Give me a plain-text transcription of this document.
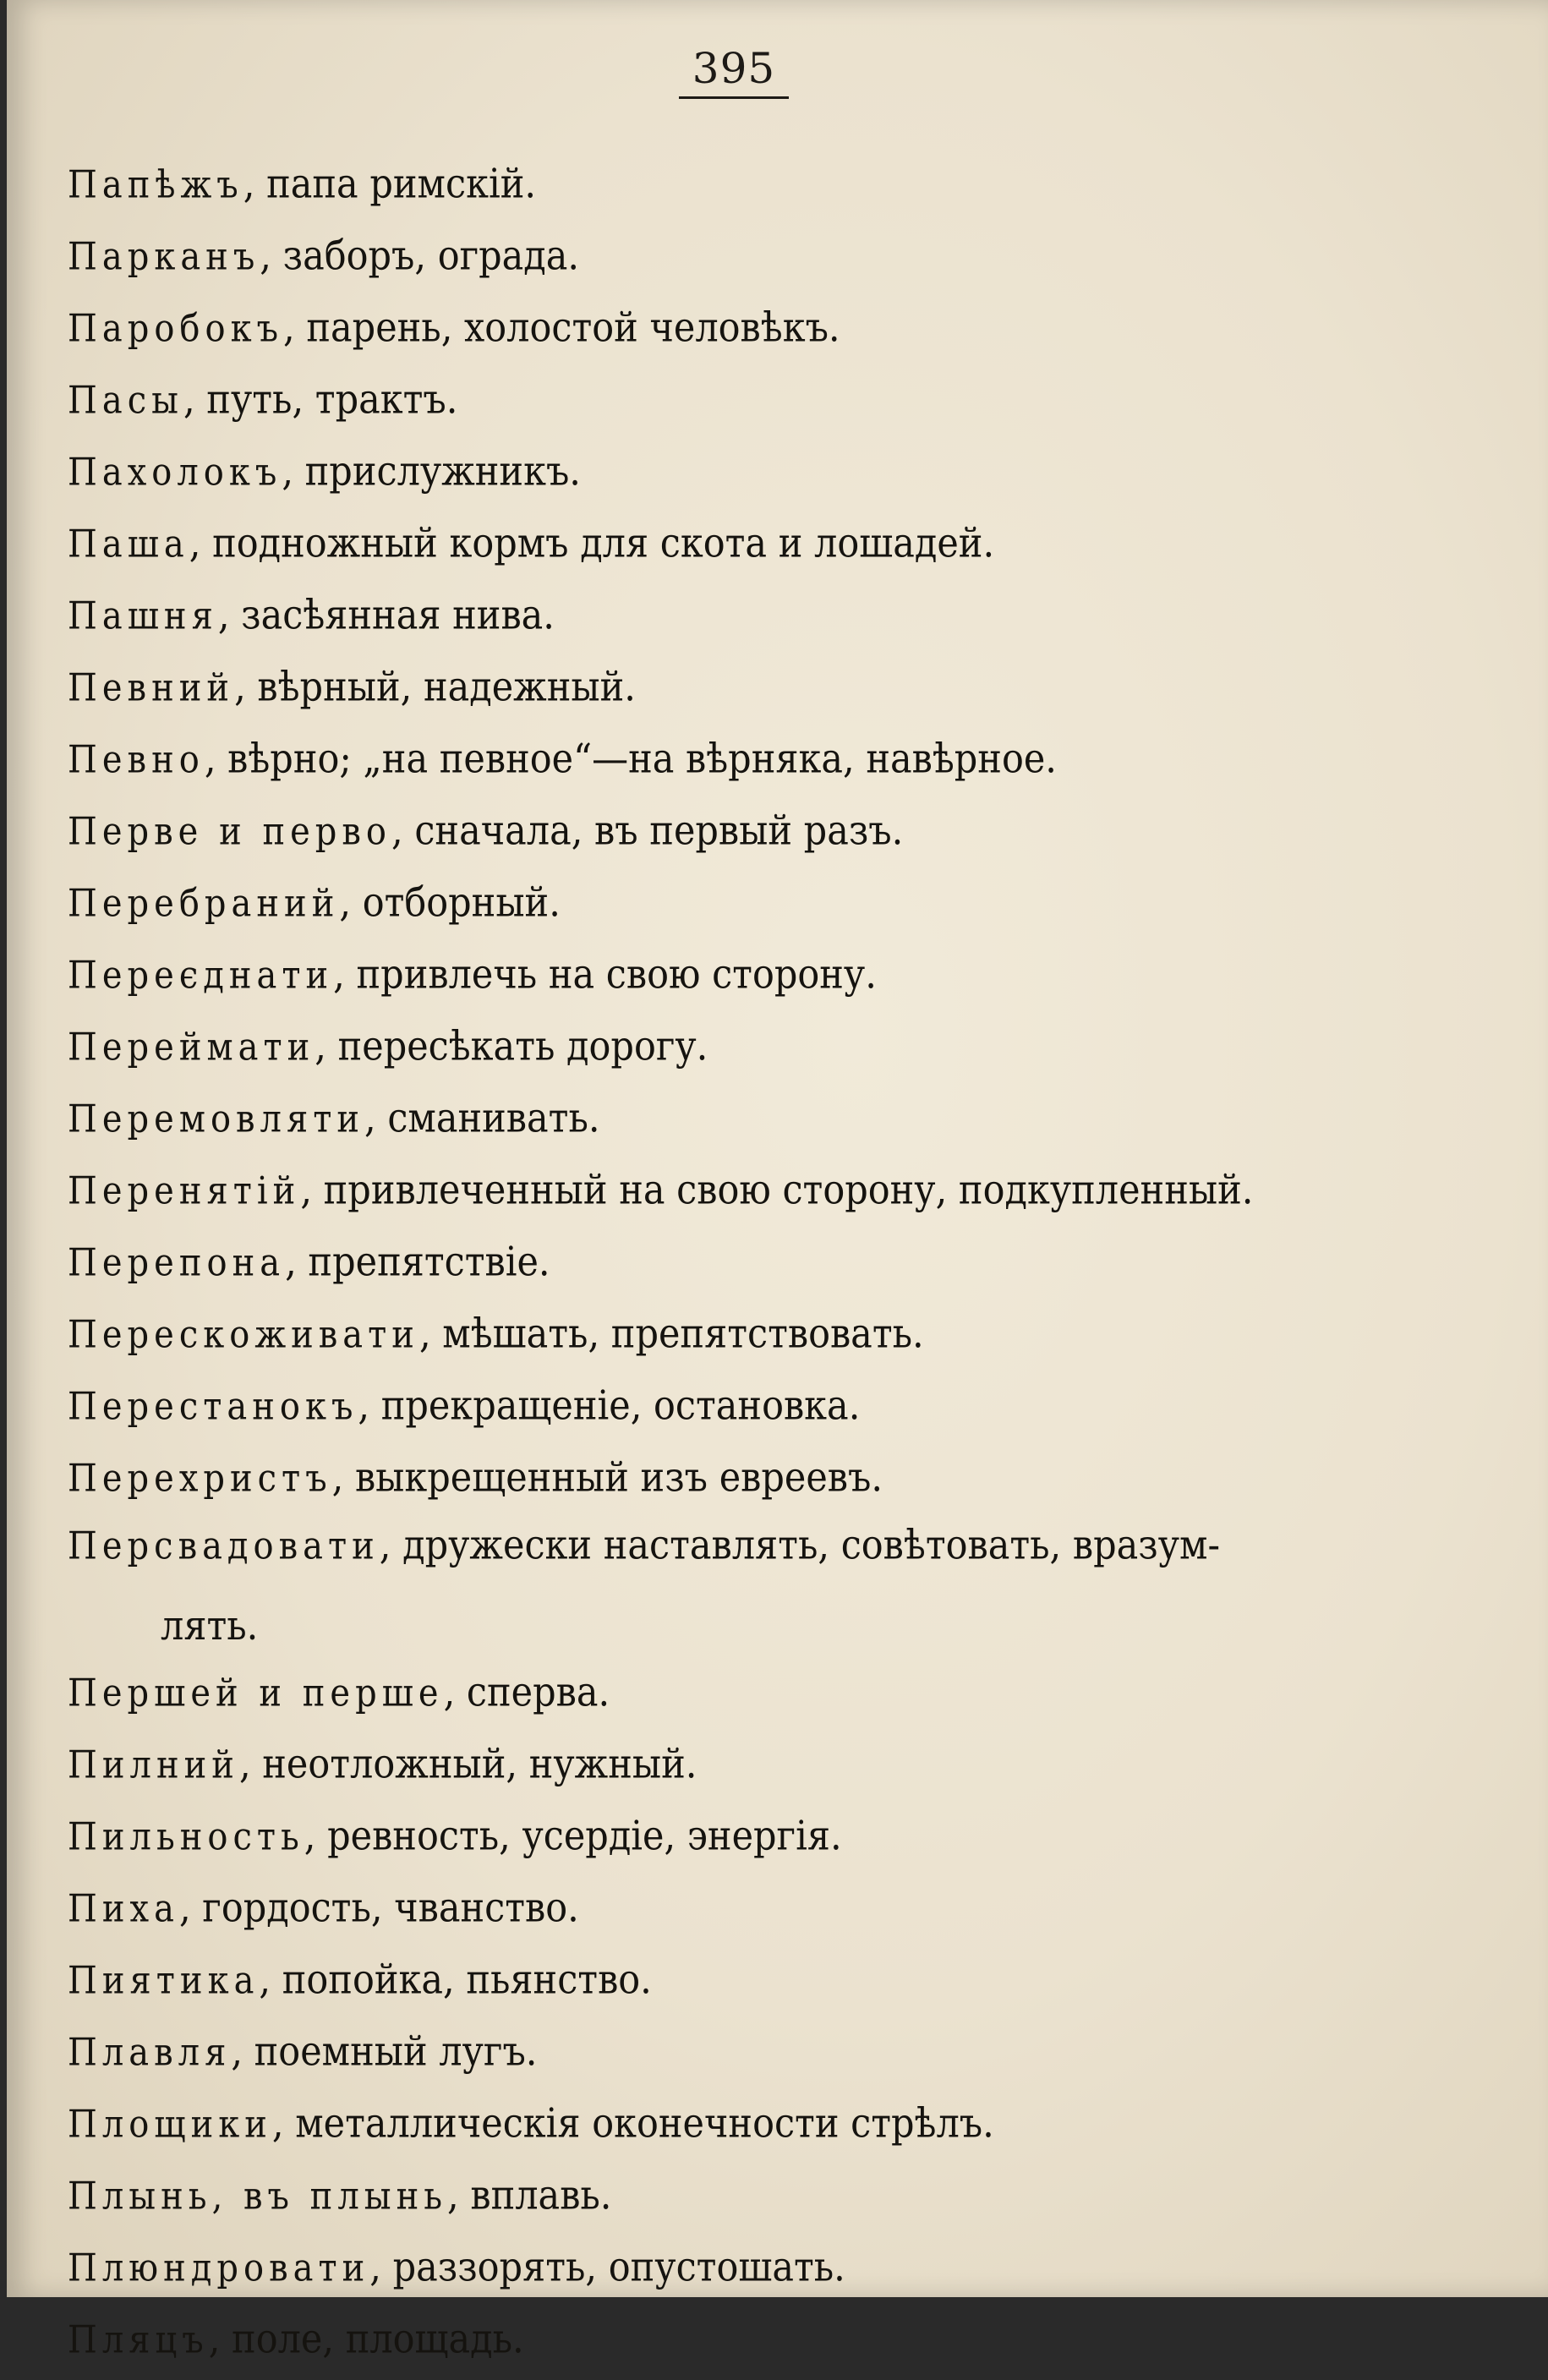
395
Папѣжъ, папа римскій.
Парканъ, заборъ, ограда.
Паробокъ, парень, холостой человѣкъ.
Пасы, путь, трактъ.
Пахолокъ, прислужникъ.
Паша, подножный кормъ для скота и лошадей.
Пашня, засѣянная нива.
Певний, вѣрный, надежный.
Певно, вѣрно; „на певное“—на вѣрняка, навѣрное.
Перве и перво, сначала, въ первый разъ.
Перебраний, отборный.
Переєднати, привлечь на свою сторону.
Переймати, пересѣкать дорогу.
Перемовляти, сманивать.
Перенятій, привлеченный на свою сторону, подкупленный.
Перепона, препятствіе.
Перескоживати, мѣшать, препятствовать.
Перестанокъ, прекращеніе, остановка.
Перехристъ, выкрещенный изъ евреевъ.
Персвадовати, дружески наставлять, совѣтовать, вразум-
лять.
Першей и перше, сперва.
Пилний, неотложный, нужный.
Пильность, ревность, усердіе, энергія.
Пиха, гордость, чванство.
Пиятика, попойка, пьянство.
Плавля, поемный лугъ.
Площики, металлическія оконечности стрѣлъ.
Плынь, въ плынь, вплавь.
Плюндровати, раззорять, опустошать.
Пляцъ, поле, площадь.
